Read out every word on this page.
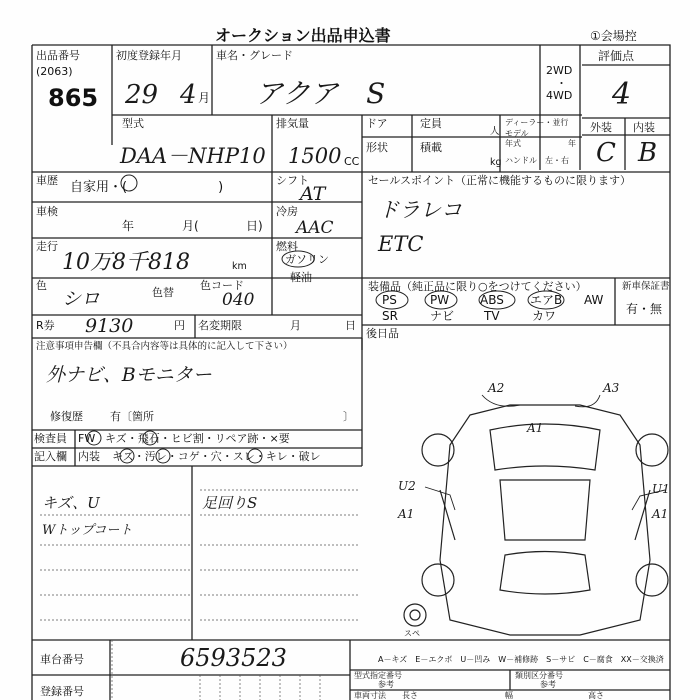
オークション出品申込書	①会場控
出品番号
(2063)
865
初度登録年月
29 4 月
車名・グレード
アクア　S
2WD
・
4WD
評価点
4
外装 内装
C B
型式
DAA－NHP10
排気量
1500 CC
ドア	定員
人
ディーラー・並行
モデル
年式	年
形状	積載
kg ハンドル 左・右
車歴 自家用・(　　　　　　　)	シフト
AT
セールスポイント（正常に機能するものに限ります）
ドラレコ
ETC
車検
年	月(	日)
冷房
AAC
走行
10万8千818	km
燃料
ガソリン
軽油
色
シロ	色替
色コード
040
装備品（純正品に限り○をつけてください）
PS	PW	ABS エアB AW
SR	ナビ TV	カワ
新車保証書
有・無
R券 9130	円 名変期限	月	日
後日品
注意事項申告欄（不具合内容等は具体的に記入して下さい）
外ナビ、Bモニター
修復歴 有〔箇所	〕
検査員 FW キズ・飛石・ヒビ割・リペア跡・×要
記入欄 内装 キズ・汚レ・コゲ・穴・スレ・キレ・破レ
キズ、U
Wトップコート
足回りS
A2	A3
A1
U2
A1
U1
A1
スペ
車台番号	6593523
登録番号
A－キズ　E－エクボ　U－凹み　W－補修跡　S－サビ　C－腐食　XX－交換済
型式指定番号
参考
類別区分番号
参考
車両寸法 長さ	幅	高さ
